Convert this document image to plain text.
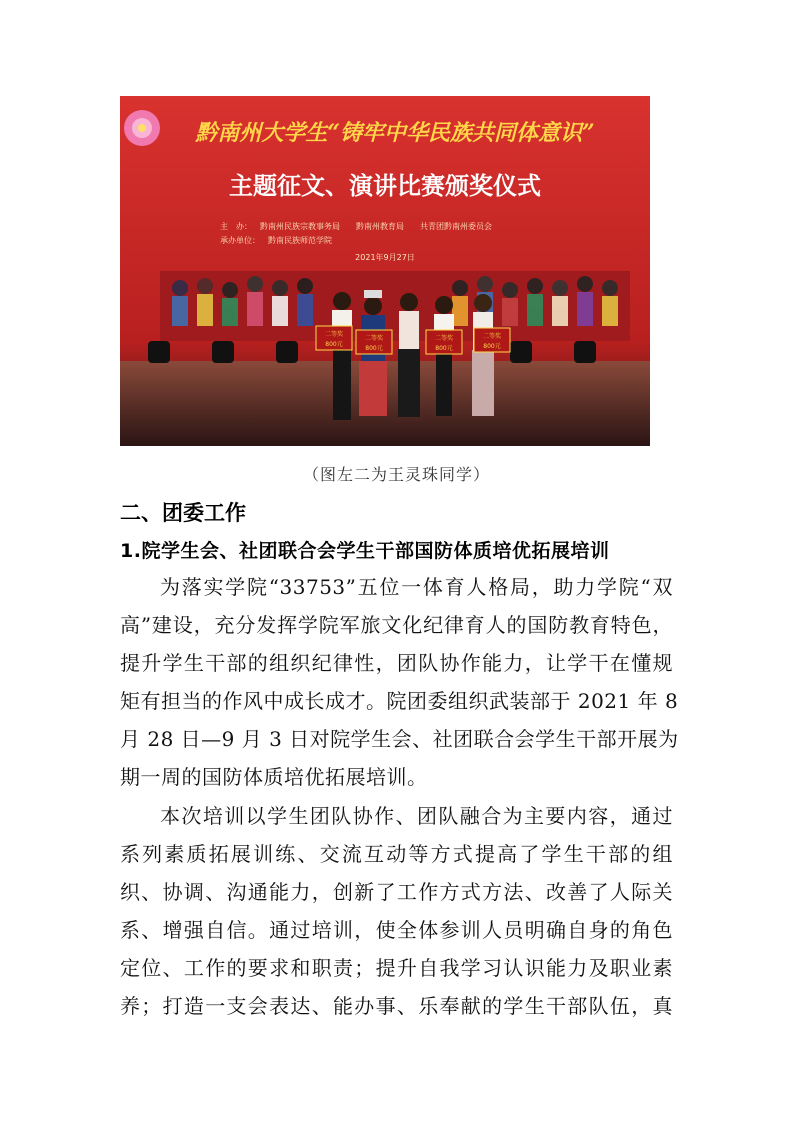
黔南州大学生“铸牢中华民族共同体意识”
主题征文、演讲比赛颁奖仪式
主　办： 黔南州民族宗教事务局　　黔南州教育局　　共青团黔南州委员会
承办单位： 黔南民族师范学院
2021年9月27日
二等奖
800元
二等奖
800元
二等奖
800元
二等奖
800元
（图左二为王灵珠同学）
二、团委工作
1.院学生会、社团联合会学生干部国防体质培优拓展培训
为落实学院“33753”五位一体育人格局，助力学院“双
高”建设，充分发挥学院军旅文化纪律育人的国防教育特色，
提升学生干部的组织纪律性，团队协作能力，让学干在懂规
矩有担当的作风中成长成才。院团委组织武装部于 2021 年 8
月 28 日—9 月 3 日对院学生会、社团联合会学生干部开展为
期一周的国防体质培优拓展培训。
本次培训以学生团队协作、团队融合为主要内容，通过
系列素质拓展训练、交流互动等方式提高了学生干部的组
织、协调、沟通能力，创新了工作方式方法、改善了人际关
系、增强自信。通过培训，使全体参训人员明确自身的角色
定位、工作的要求和职责；提升自我学习认识能力及职业素
养；打造一支会表达、能办事、乐奉献的学生干部队伍，真
